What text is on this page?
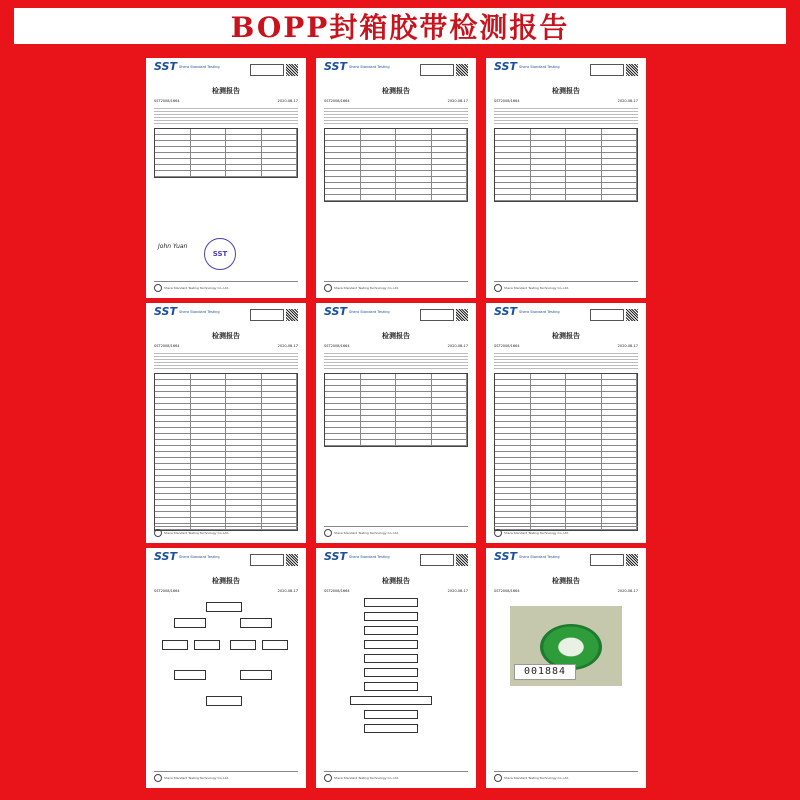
BOPP封箱胶带检测报告
SST Shera Standard Testing
检测报告
SST2008/1664	2020-08-17
SST
John Yuan
Shera Standard Testing Technology Co.,Ltd.
SST Shera Standard Testing
检测报告
SST2008/1664	2020-08-17
Shera Standard Testing Technology Co.,Ltd.
SST Shera Standard Testing
检测报告
SST2008/1664	2020-08-17
Shera Standard Testing Technology Co.,Ltd.
SST Shera Standard Testing
检测报告
SST2008/1664	2020-08-17
Shera Standard Testing Technology Co.,Ltd.
SST Shera Standard Testing
检测报告
SST2008/1664	2020-08-17
Shera Standard Testing Technology Co.,Ltd.
SST Shera Standard Testing
检测报告
SST2008/1664	2020-08-17
Shera Standard Testing Technology Co.,Ltd.
SST Shera Standard Testing
检测报告
SST2008/1664	2020-08-17
Shera Standard Testing Technology Co.,Ltd.
SST Shera Standard Testing
检测报告
SST2008/1664	2020-08-17
Shera Standard Testing Technology Co.,Ltd.
SST Shera Standard Testing
检测报告
SST2008/1664	2020-08-17
001884
Shera Standard Testing Technology Co.,Ltd.
